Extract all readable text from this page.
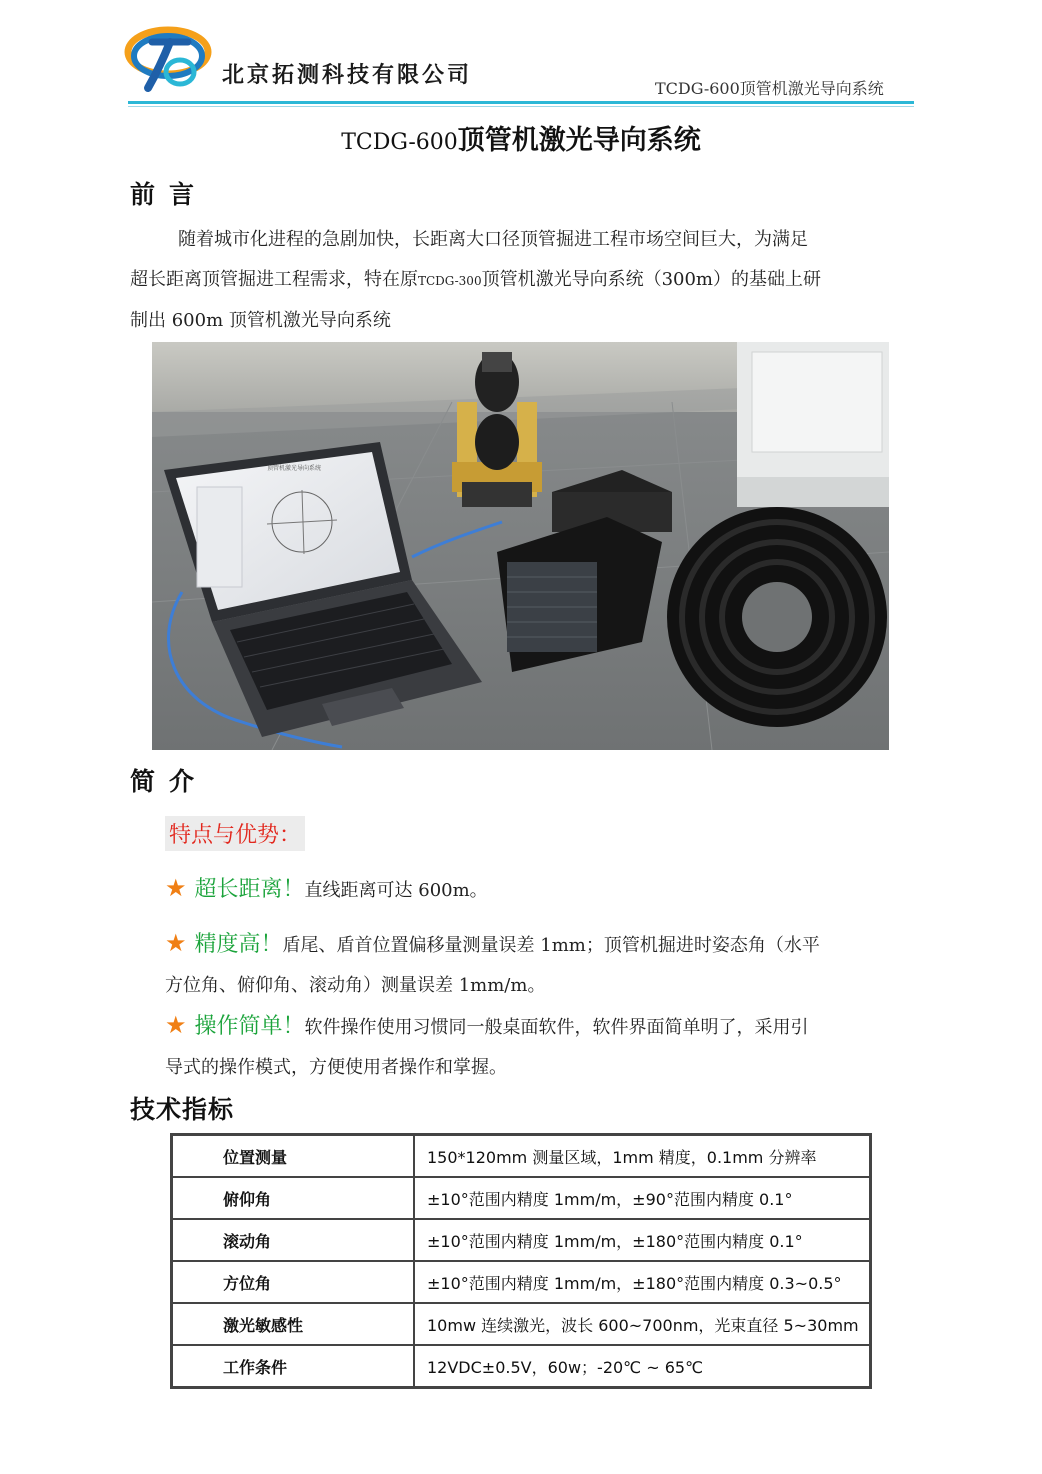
北京拓测科技有限公司
TCDG-600顶管机激光导向系统
TCDG-600顶管机激光导向系统
前言

随着城市化进程的急剧加快，长距离大口径顶管掘进工程市场空间巨大，为满足

超长距离顶管掘进工程需求，特在原TCDG-300顶管机激光导向系统（300m）的基础上研

制出 600m 顶管机激光导向系统

顶管机激光导向系统
简介
特点与优势：
★ 超长距离！直线距离可达 600m。
★ 精度高！盾尾、盾首位置偏移量测量误差 1mm；顶管机掘进时姿态角（水平
方位角、俯仰角、滚动角）测量误差 1mm/m。
★ 操作简单！软件操作使用习惯同一般桌面软件，软件界面简单明了，采用引
导式的操作模式，方便使用者操作和掌握。
技术指标
位置测量	150*120mm 测量区域，1mm 精度，0.1mm 分辨率
俯仰角	±10°范围内精度 1mm/m，±90°范围内精度 0.1°
滚动角	±10°范围内精度 1mm/m，±180°范围内精度 0.1°
方位角	±10°范围内精度 1mm/m，±180°范围内精度 0.3~0.5°
激光敏感性	10mw 连续激光，波长 600~700nm，光束直径 5~30mm
工作条件	12VDC±0.5V，60w；-20℃ ~ 65℃
